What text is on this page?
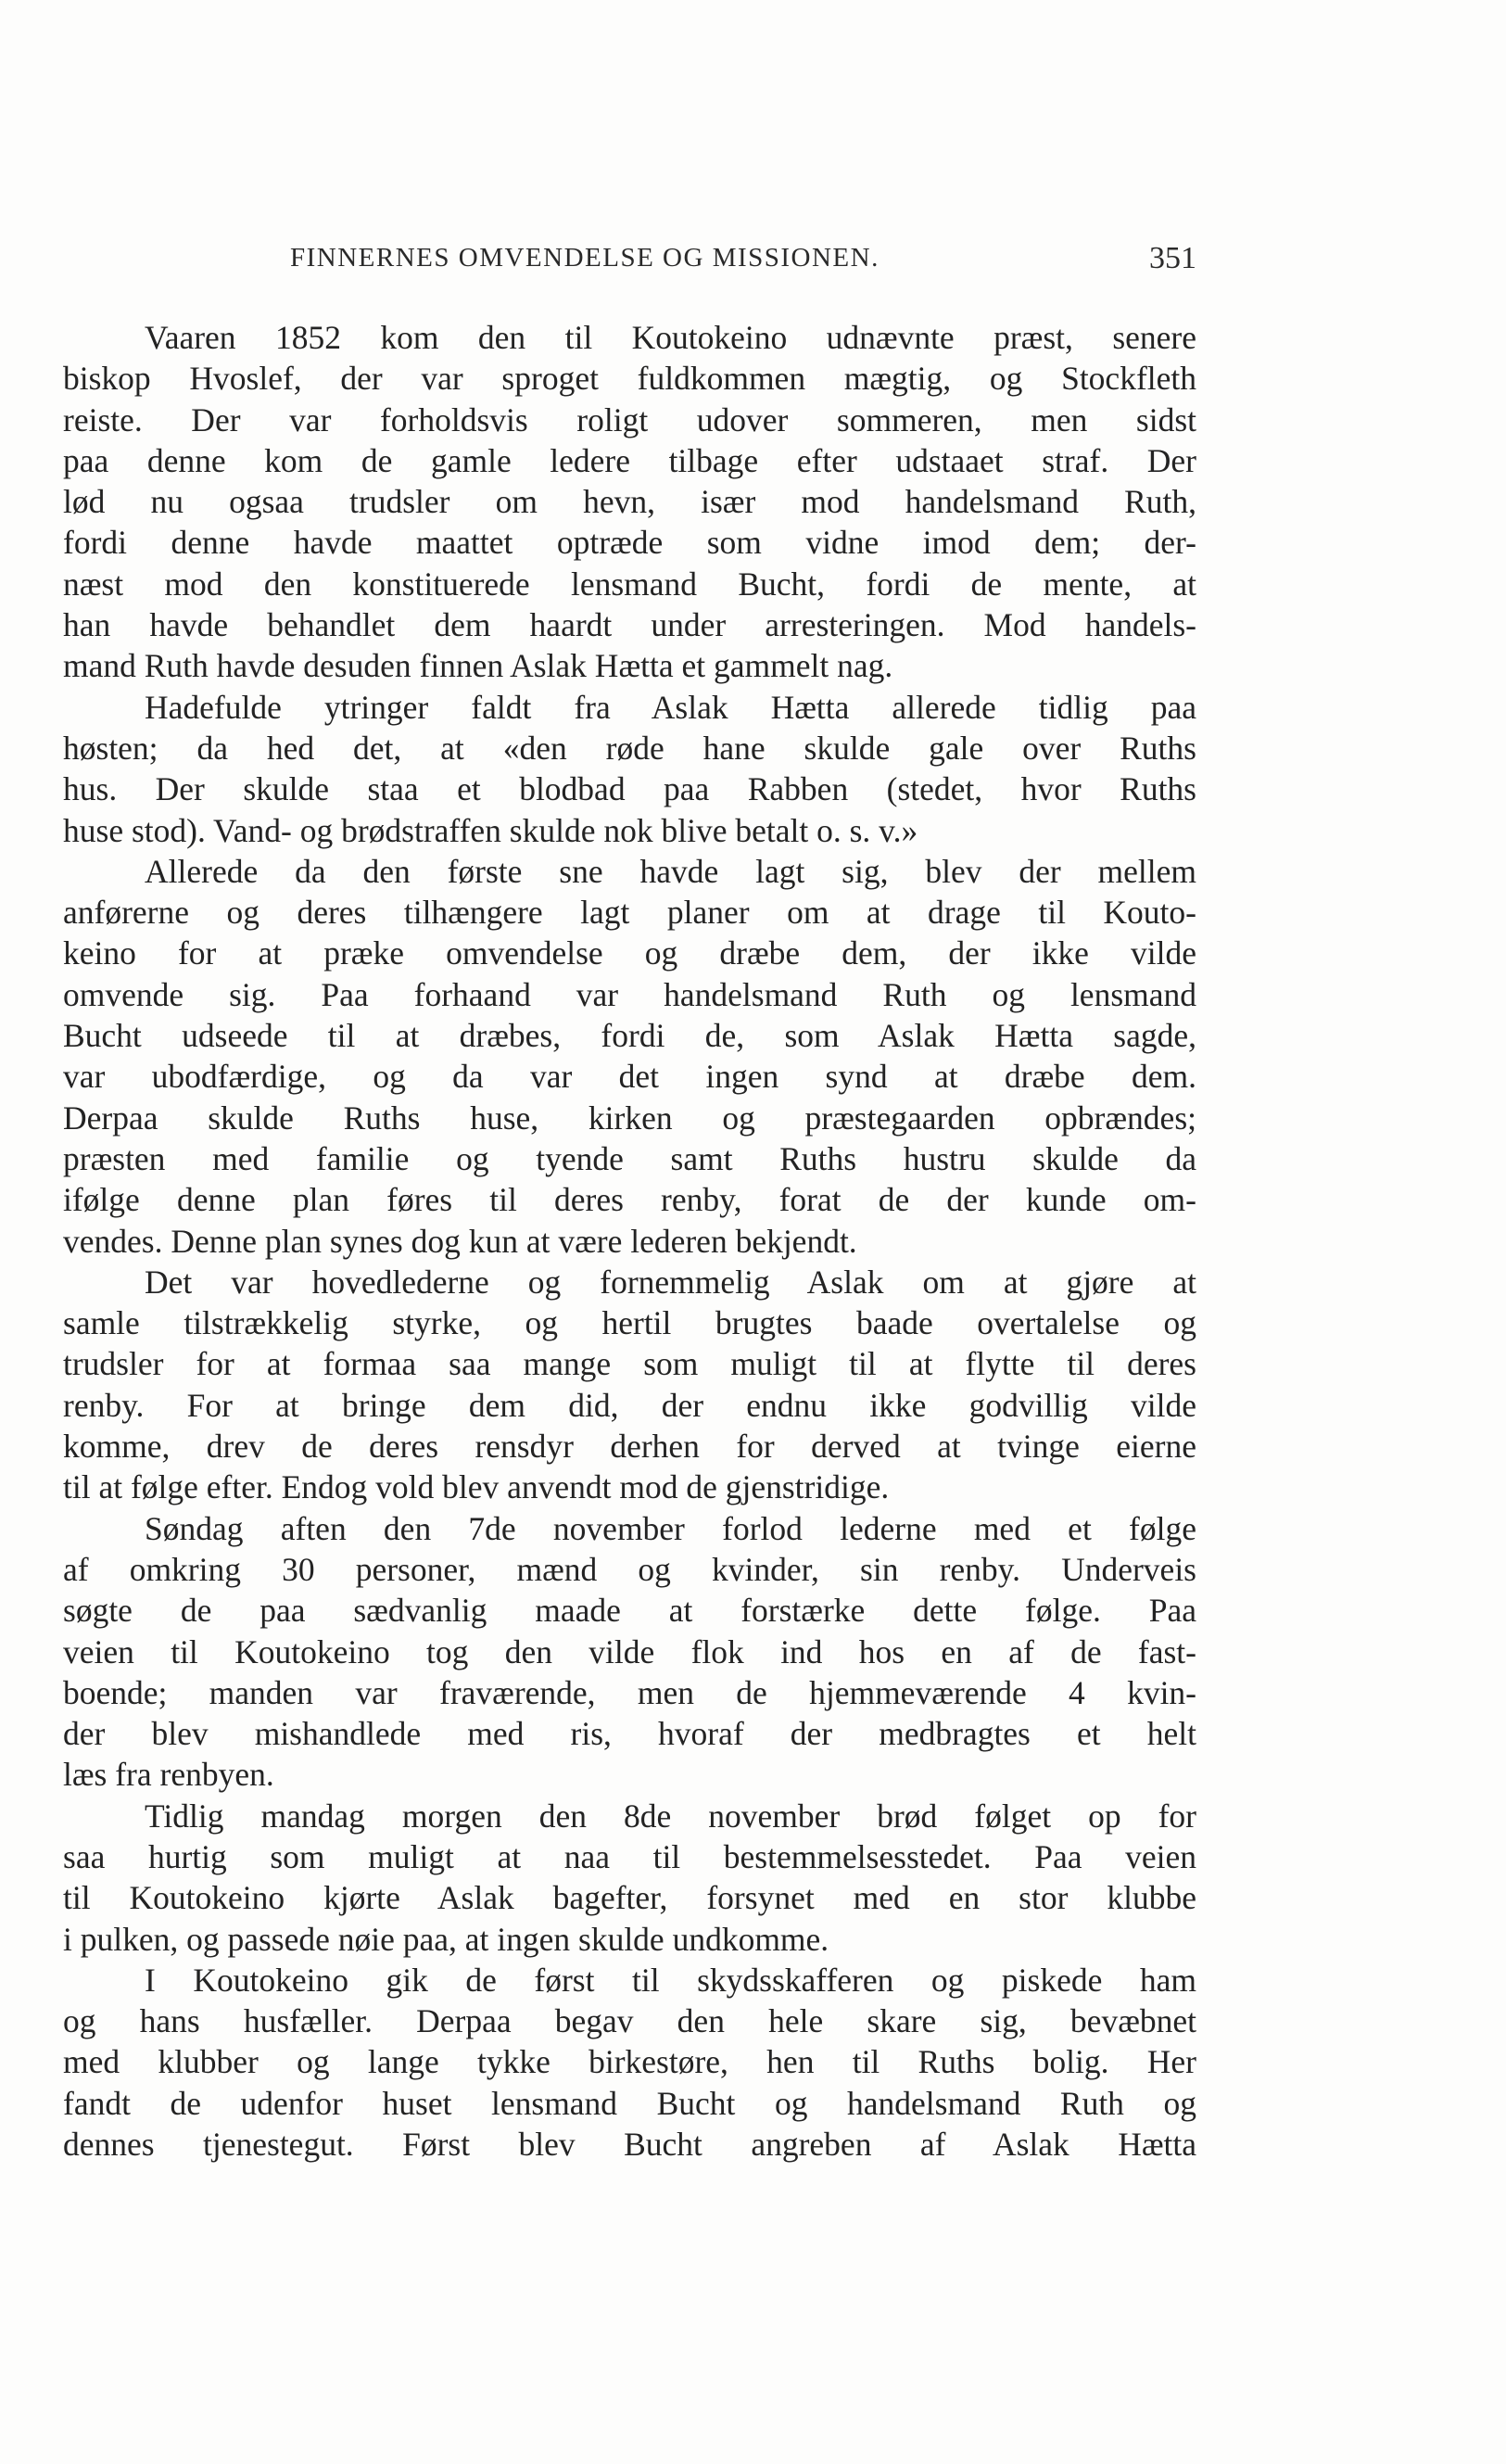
FINNERNES OMVENDELSE OG MISSIONEN.	351
Vaaren 1852 kom den til Koutokeino udnævnte præst, senere
biskop Hvoslef, der var sproget fuldkommen mægtig, og Stockfleth
reiste. Der var forholdsvis roligt udover sommeren, men sidst
paa denne kom de gamle ledere tilbage efter udstaaet straf. Der
lød nu ogsaa trudsler om hevn, især mod handelsmand Ruth,
fordi denne havde maattet optræde som vidne imod dem; der-
næst mod den konstituerede lensmand Bucht, fordi de mente, at
han havde behandlet dem haardt under arresteringen. Mod handels-
mand Ruth havde desuden finnen Aslak Hætta et gammelt nag.
Hadefulde ytringer faldt fra Aslak Hætta allerede tidlig paa
høsten; da hed det, at «den røde hane skulde gale over Ruths
hus. Der skulde staa et blodbad paa Rabben (stedet, hvor Ruths
huse stod). Vand- og brødstraffen skulde nok blive betalt o. s. v.»
Allerede da den første sne havde lagt sig, blev der mellem
anførerne og deres tilhængere lagt planer om at drage til Kouto-
keino for at præke omvendelse og dræbe dem, der ikke vilde
omvende sig. Paa forhaand var handelsmand Ruth og lensmand
Bucht udseede til at dræbes, fordi de, som Aslak Hætta sagde,
var ubodfærdige, og da var det ingen synd at dræbe dem.
Derpaa skulde Ruths huse, kirken og præstegaarden opbrændes;
præsten med familie og tyende samt Ruths hustru skulde da
ifølge denne plan føres til deres renby, forat de der kunde om-
vendes. Denne plan synes dog kun at være lederen bekjendt.
Det var hovedlederne og fornemmelig Aslak om at gjøre at
samle tilstrækkelig styrke, og hertil brugtes baade overtalelse og
trudsler for at formaa saa mange som muligt til at flytte til deres
renby. For at bringe dem did, der endnu ikke godvillig vilde
komme, drev de deres rensdyr derhen for derved at tvinge eierne
til at følge efter. Endog vold blev anvendt mod de gjenstridige.
Søndag aften den 7de november forlod lederne med et følge
af omkring 30 personer, mænd og kvinder, sin renby. Underveis
søgte de paa sædvanlig maade at forstærke dette følge. Paa
veien til Koutokeino tog den vilde flok ind hos en af de fast-
boende; manden var fraværende, men de hjemmeværende 4 kvin-
der blev mishandlede med ris, hvoraf der medbragtes et helt
læs fra renbyen.
Tidlig mandag morgen den 8de november brød følget op for
saa hurtig som muligt at naa til bestemmelsesstedet. Paa veien
til Koutokeino kjørte Aslak bagefter, forsynet med en stor klubbe
i pulken, og passede nøie paa, at ingen skulde undkomme.
I Koutokeino gik de først til skydsskafferen og piskede ham
og hans husfæller. Derpaa begav den hele skare sig, bevæbnet
med klubber og lange tykke birkestøre, hen til Ruths bolig. Her
fandt de udenfor huset lensmand Bucht og handelsmand Ruth og
dennes tjenestegut. Først blev Bucht angreben af Aslak Hætta
